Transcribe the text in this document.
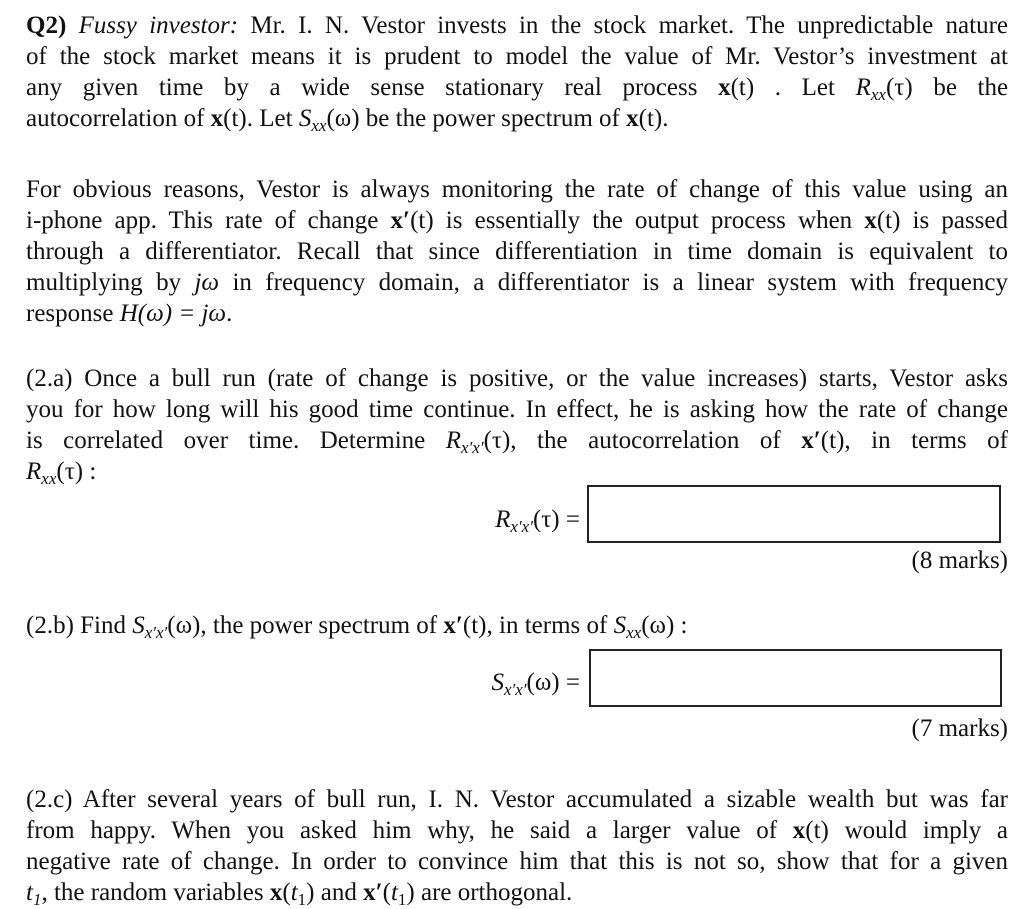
Q2) Fussy investor: Mr. I. N. Vestor invests in the stock market. The unpredictable nature
of the stock market means it is prudent to model the value of Mr. Vestor’s investment at
any given time by a wide sense stationary real process x(t) . Let $R_{xx}(\tau)$ be the
autocorrelation of x(t). Let $S_{xx}(\omega)$ be the power spectrum of x(t).
For obvious reasons, Vestor is always monitoring the rate of change of this value using an
i-phone app. This rate of change x′(t) is essentially the output process when x(t) is passed
through a differentiator. Recall that since differentiation in time domain is equivalent to
multiplying by jω in frequency domain, a differentiator is a linear system with frequency
response H(ω) = jω.
(2.a) Once a bull run (rate of change is positive, or the value increases) starts, Vestor asks
you for how long will his good time continue. In effect, he is asking how the rate of change
is correlated over time. Determine $R_{x'x'}(\tau)$, the autocorrelation of x′(t), in terms of
$R_{xx}(\tau)$ :
$R_{x'x'}(\tau)$ =
(8 marks)
(2.b) Find $S_{x'x'}(\omega)$, the power spectrum of x′(t), in terms of $S_{xx}(\omega)$ :
$S_{x'x'}(\omega)$ =
(7 marks)
(2.c) After several years of bull run, I. N. Vestor accumulated a sizable wealth but was far
from happy. When you asked him why, he said a larger value of x(t) would imply a
negative rate of change. In order to convince him that this is not so, show that for a given
$t_1$, the random variables $x(t_1)$ and $x'(t_1)$ are orthogonal.
